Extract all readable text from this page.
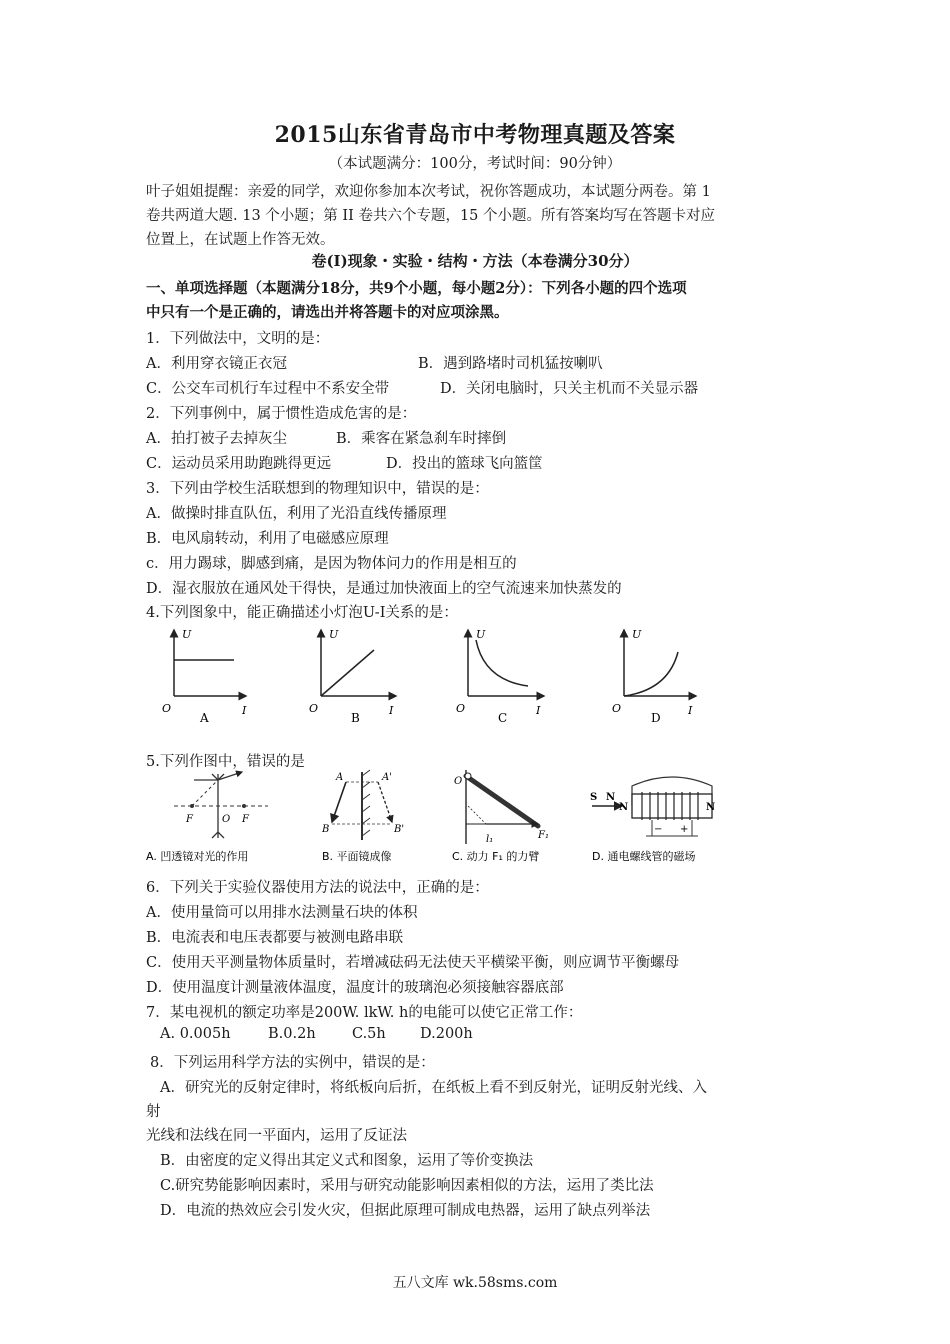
2015山东省青岛市中考物理真题及答案
（本试题满分：100分，考试时间：90分钟）
叶子姐姐提醒：亲爱的同学，欢迎你参加本次考试，祝你答题成功，本试题分两卷。第 1
卷共两道大题. 13 个小题；第 II 卷共六个专题，15 个小题。所有答案均写在答题卡对应
位置上，在试题上作答无效。
卷(I)现象・实验・结构・方法（本卷满分30分）
一、单项选择题（本题满分18分，共9个小题，每小题2分）：下列各小题的四个选项
中只有一个是正确的，请选出并将答题卡的对应项涂黑。
1．下列做法中，文明的是：
A．利用穿衣镜正衣冠	B．遇到路堵时司机猛按喇叭
C．公交车司机行车过程中不系安全带	D．关闭电脑时，只关主机而不关显示器
2．下列事例中，属于惯性造成危害的是：
A．拍打被子去掉灰尘	B．乘客在紧急刹车时摔倒
C．运动员采用助跑跳得更远	D．投出的篮球飞向篮筐
3．下列由学校生活联想到的物理知识中，错误的是：
A．做操时排直队伍，利用了光沿直线传播原理
B．电风扇转动，利用了电磁感应原理
c．用力踢球，脚感到痛，是因为物体问力的作用是相互的
D．湿衣服放在通风处干得快，是通过加快液面上的空气流速来加快蒸发的
4.下列图象中，能正确描述小灯泡U-I关系的是：
U
I
O
A
U
I
O
B
U
I
O
C
U
I
O
D
5.下列作图中，错误的是
F	O F
A	A'
B	B'
O
l₁	F₁
S N
N	N
− +
A. 凹透镜对光的作用	B. 平面镜成像	C. 动力 F₁ 的力臂	D. 通电螺线管的磁场
6．下列关于实验仪器使用方法的说法中，正确的是：
A．使用量筒可以用排水法测量石块的体积
B．电流表和电压表都要与被测电路串联
C．使用天平测量物体质量时，若增减砝码无法使天平横梁平衡，则应调节平衡螺母
D．使用温度计测量液体温度，温度计的玻璃泡必须接触容器底部
7．某电视机的额定功率是200W. lkW. h的电能可以使它正常工作：
A. 0.005h	B.0.2h	C.5h D.200h
8．下列运用科学方法的实例中，错误的是：
A．研究光的反射定律时，将纸板向后折，在纸板上看不到反射光，证明反射光线、入
射
光线和法线在同一平面内，运用了反证法
B．由密度的定义得出其定义式和图象，运用了等价变换法
C.研究势能影响因素时，采用与研究动能影响因素相似的方法，运用了类比法
D．电流的热效应会引发火灾，但据此原理可制成电热器，运用了缺点列举法
五八文库 wk.58sms.com
